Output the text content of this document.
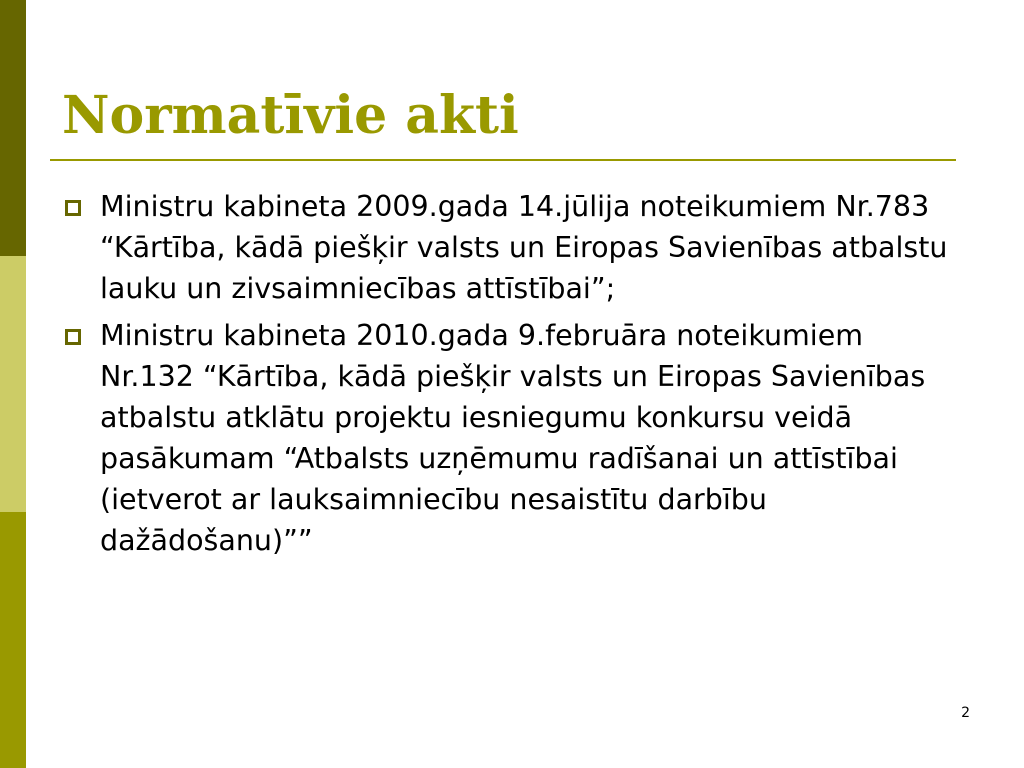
Normatīvie akti
Ministru kabineta 2009.gada 14.jūlija noteikumiem Nr.783 “Kārtība, kādā piešķir valsts un Eiropas Savienības atbalstu lauku un zivsaimniecības attīstībai”;
Ministru kabineta 2010.gada 9.februāra noteikumiem Nr.132 “Kārtība, kādā piešķir valsts un Eiropas Savienības atbalstu atklātu projektu iesniegumu konkursu veidā pasākumam “Atbalsts uzņēmumu radīšanai un attīstībai (ietverot ar lauksaimniecību nesaistītu darbību dažādošanu)””
2
